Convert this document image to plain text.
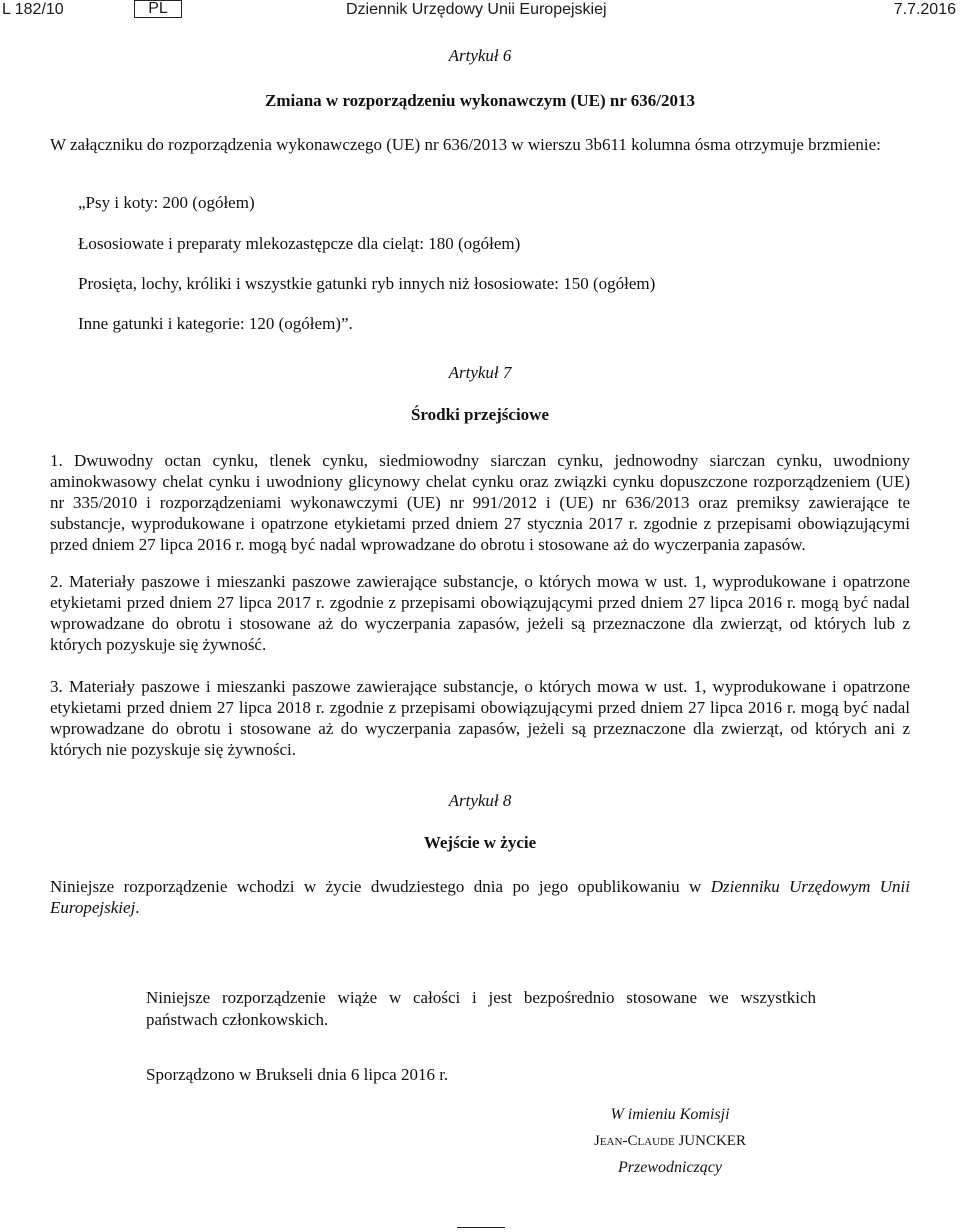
L 182/10	PL	Dziennik Urzędowy Unii Europejskiej	7.7.2016
Artykuł 6
Zmiana w rozporządzeniu wykonawczym (UE) nr 636/2013
W załączniku do rozporządzenia wykonawczego (UE) nr 636/2013 w wierszu 3b611 kolumna ósma otrzymuje brzmienie:
„Psy i koty: 200 (ogółem)
Łososiowate i preparaty mlekozastępcze dla cieląt: 180 (ogółem)
Prosięta, lochy, króliki i wszystkie gatunki ryb innych niż łososiowate: 150 (ogółem)
Inne gatunki i kategorie: 120 (ogółem)”.
Artykuł 7
Środki przejściowe
1. Dwuwodny octan cynku, tlenek cynku, siedmiowodny siarczan cynku, jednowodny siarczan cynku, uwodniony aminokwasowy chelat cynku i uwodniony glicynowy chelat cynku oraz związki cynku dopuszczone rozporządzeniem (UE) nr 335/2010 i rozporządzeniami wykonawczymi (UE) nr 991/2012 i (UE) nr 636/2013 oraz premiksy zawierające te substancje, wyprodukowane i opatrzone etykietami przed dniem 27 stycznia 2017 r. zgodnie z przepisami obowiązującymi przed dniem 27 lipca 2016 r. mogą być nadal wprowadzane do obrotu i stosowane aż do wyczerpania zapasów.
2. Materiały paszowe i mieszanki paszowe zawierające substancje, o których mowa w ust. 1, wyprodukowane i opatrzone etykietami przed dniem 27 lipca 2017 r. zgodnie z przepisami obowiązującymi przed dniem 27 lipca 2016 r. mogą być nadal wprowadzane do obrotu i stosowane aż do wyczerpania zapasów, jeżeli są przeznaczone dla zwierząt, od których lub z których pozyskuje się żywność.
3. Materiały paszowe i mieszanki paszowe zawierające substancje, o których mowa w ust. 1, wyprodukowane i opatrzone etykietami przed dniem 27 lipca 2018 r. zgodnie z przepisami obowiązującymi przed dniem 27 lipca 2016 r. mogą być nadal wprowadzane do obrotu i stosowane aż do wyczerpania zapasów, jeżeli są przeznaczone dla zwierząt, od których ani z których nie pozyskuje się żywności.
Artykuł 8
Wejście w życie
Niniejsze rozporządzenie wchodzi w życie dwudziestego dnia po jego opublikowaniu w Dzienniku Urzędowym Unii Europejskiej.
Niniejsze rozporządzenie wiąże w całości i jest bezpośrednio stosowane we wszystkich państwach członkowskich.
Sporządzono w Brukseli dnia 6 lipca 2016 r.
W imieniu Komisji
Jean-Claude JUNCKER
Przewodniczący
